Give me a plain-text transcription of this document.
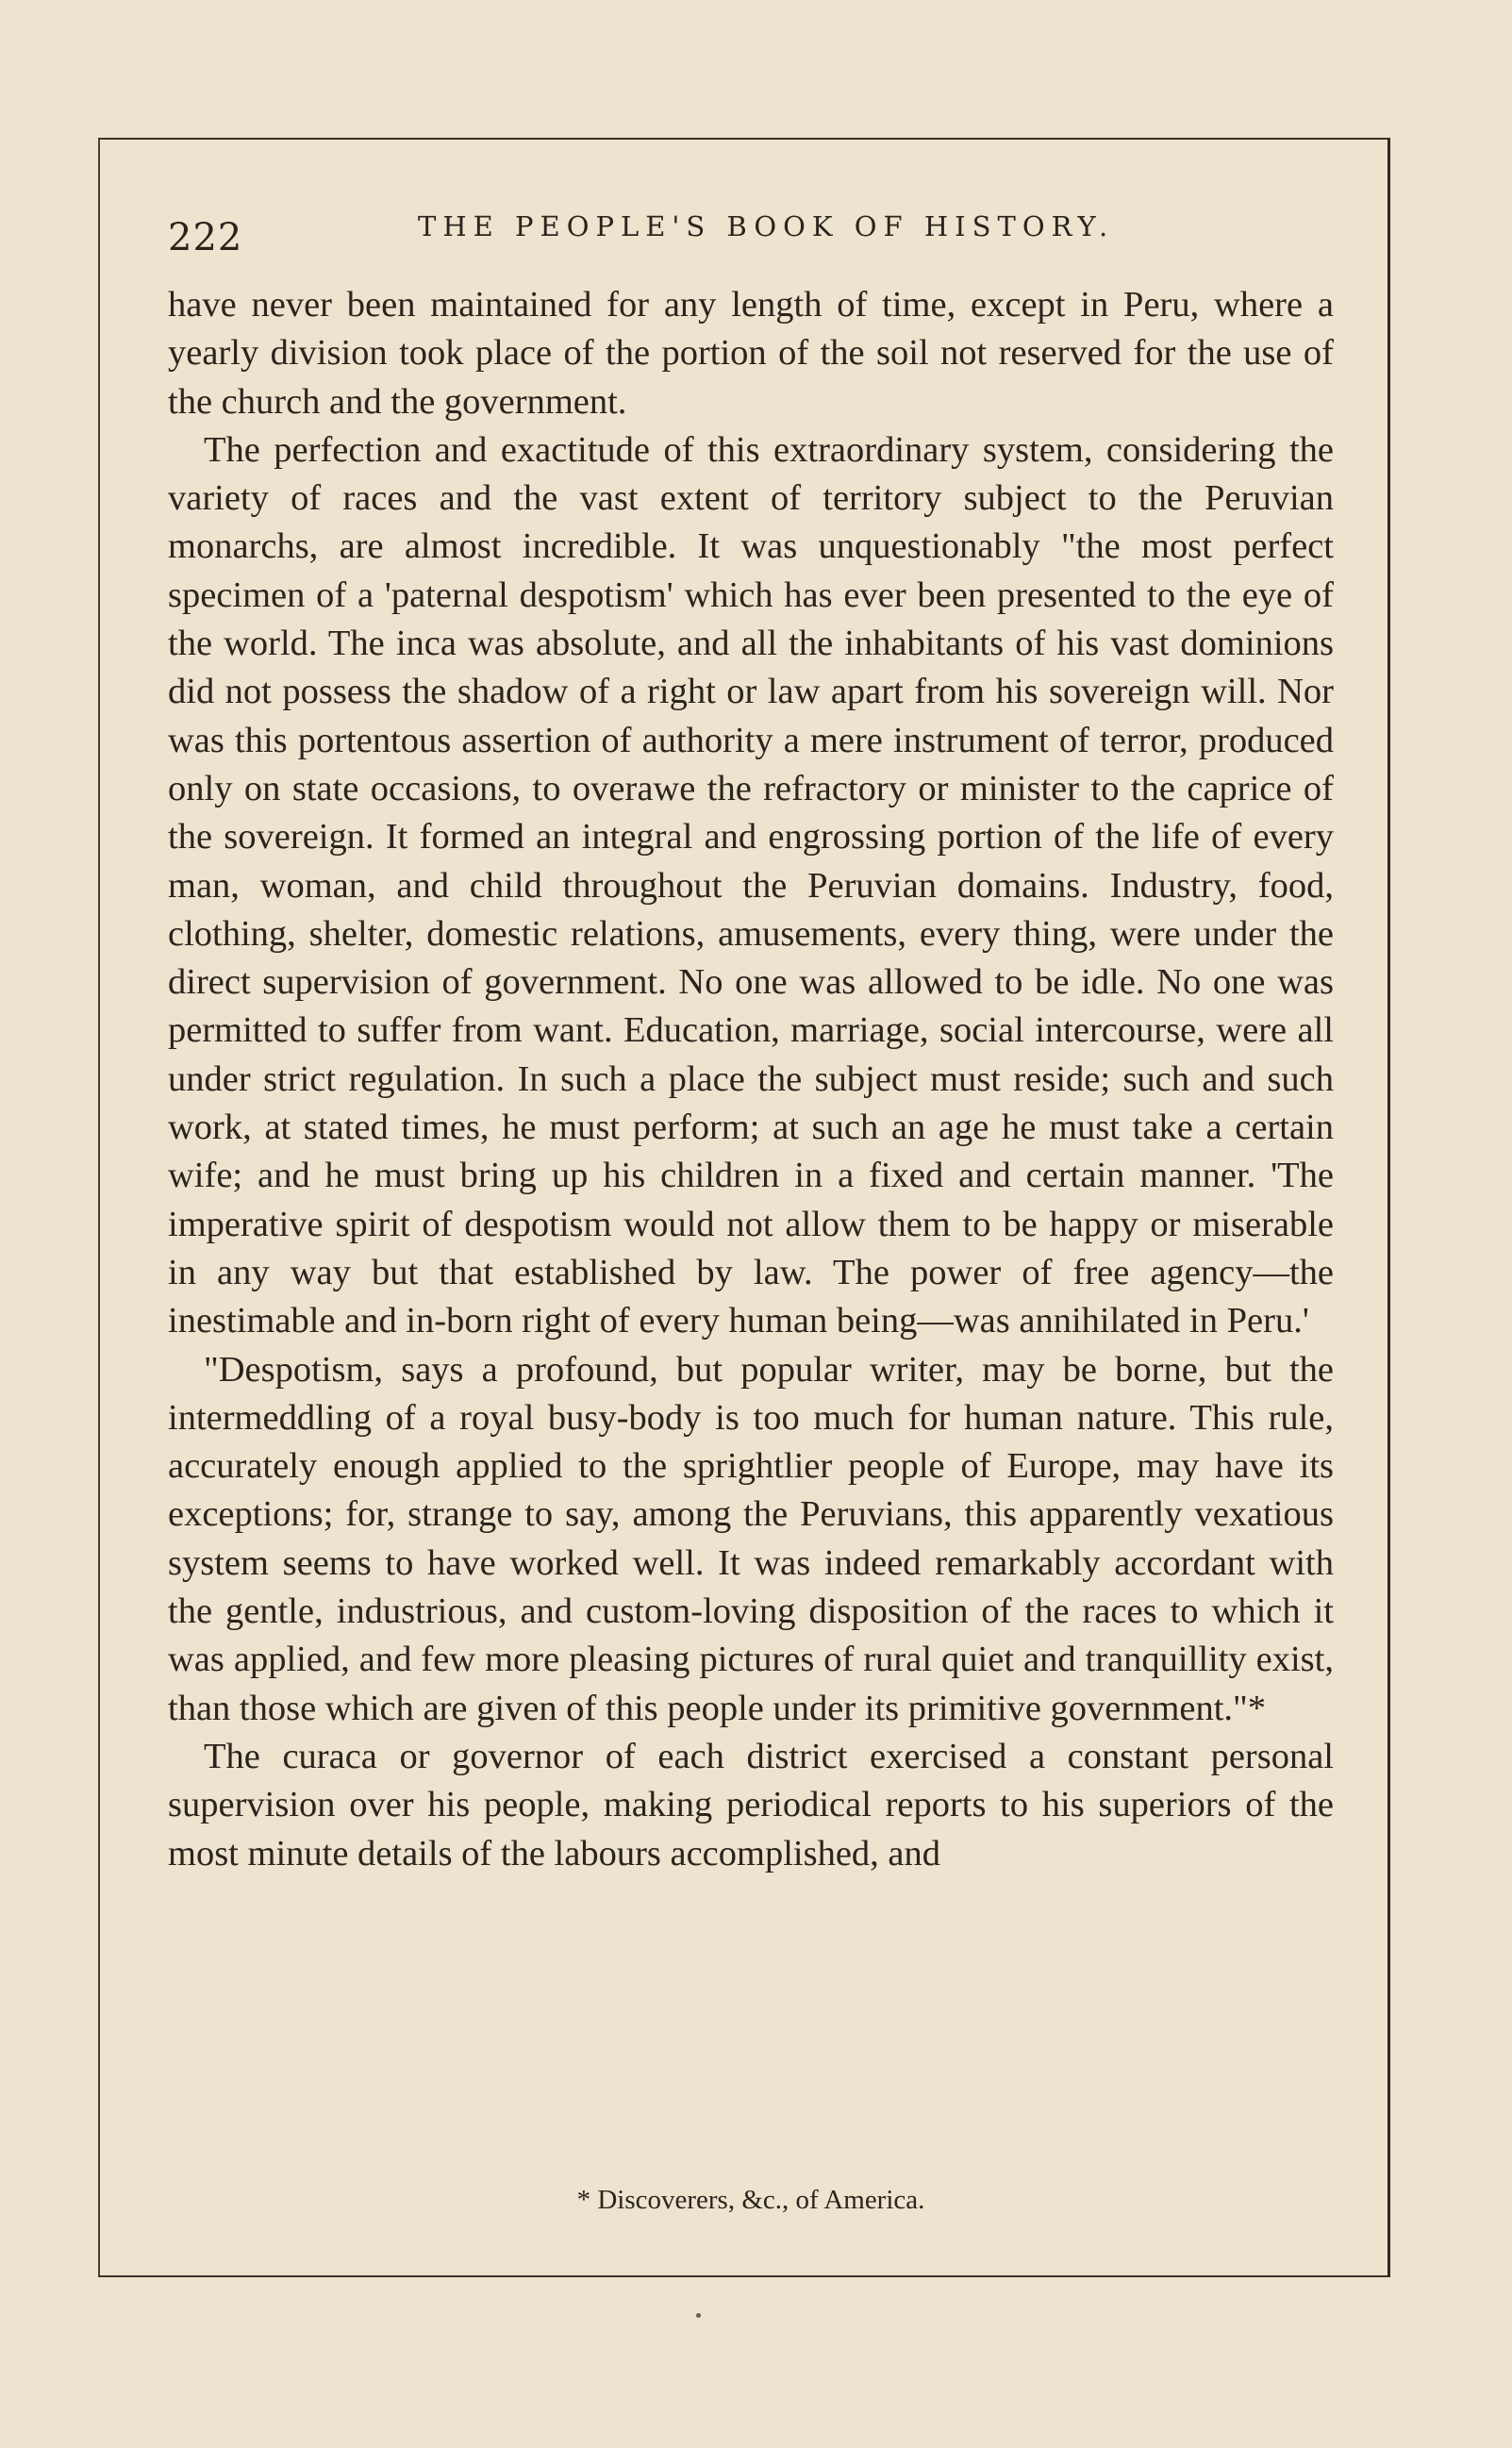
222	THE PEOPLE'S BOOK OF HISTORY.

have never been maintained for any length of time, except in Peru, where a yearly division took place of the portion of the soil not reserved for the use of the church and the government.

The perfection and exactitude of this extraordinary system, considering the variety of races and the vast extent of territory subject to the Peruvian monarchs, are almost incredible. It was unquestionably "the most perfect specimen of a 'paternal despotism' which has ever been presented to the eye of the world. The inca was absolute, and all the inhabitants of his vast dominions did not possess the shadow of a right or law apart from his sovereign will. Nor was this portentous assertion of authority a mere instrument of terror, produced only on state occasions, to overawe the refractory or minister to the caprice of the sovereign. It formed an integral and engrossing portion of the life of every man, woman, and child throughout the Peruvian domains. Industry, food, clothing, shelter, domestic relations, amusements, every thing, were under the direct supervision of government. No one was allowed to be idle. No one was permitted to suffer from want. Education, marriage, social intercourse, were all under strict regulation. In such a place the subject must reside; such and such work, at stated times, he must perform; at such an age he must take a certain wife; and he must bring up his children in a fixed and certain manner. 'The imperative spirit of despotism would not allow them to be happy or miserable in any way but that established by law. The power of free agency—the inestimable and in-born right of every human being—was annihilated in Peru.'

"Despotism, says a profound, but popular writer, may be borne, but the intermeddling of a royal busy-body is too much for human nature. This rule, accurately enough applied to the sprightlier people of Europe, may have its exceptions; for, strange to say, among the Peruvians, this apparently vexatious system seems to have worked well. It was indeed remarkably accordant with the gentle, industrious, and custom-loving disposition of the races to which it was applied, and few more pleasing pictures of rural quiet and tranquillity exist, than those which are given of this people under its primitive government."*

The curaca or governor of each district exercised a constant personal supervision over his people, making periodical reports to his superiors of the most minute details of the labours accomplished, and

* Discoverers, &c., of America.
